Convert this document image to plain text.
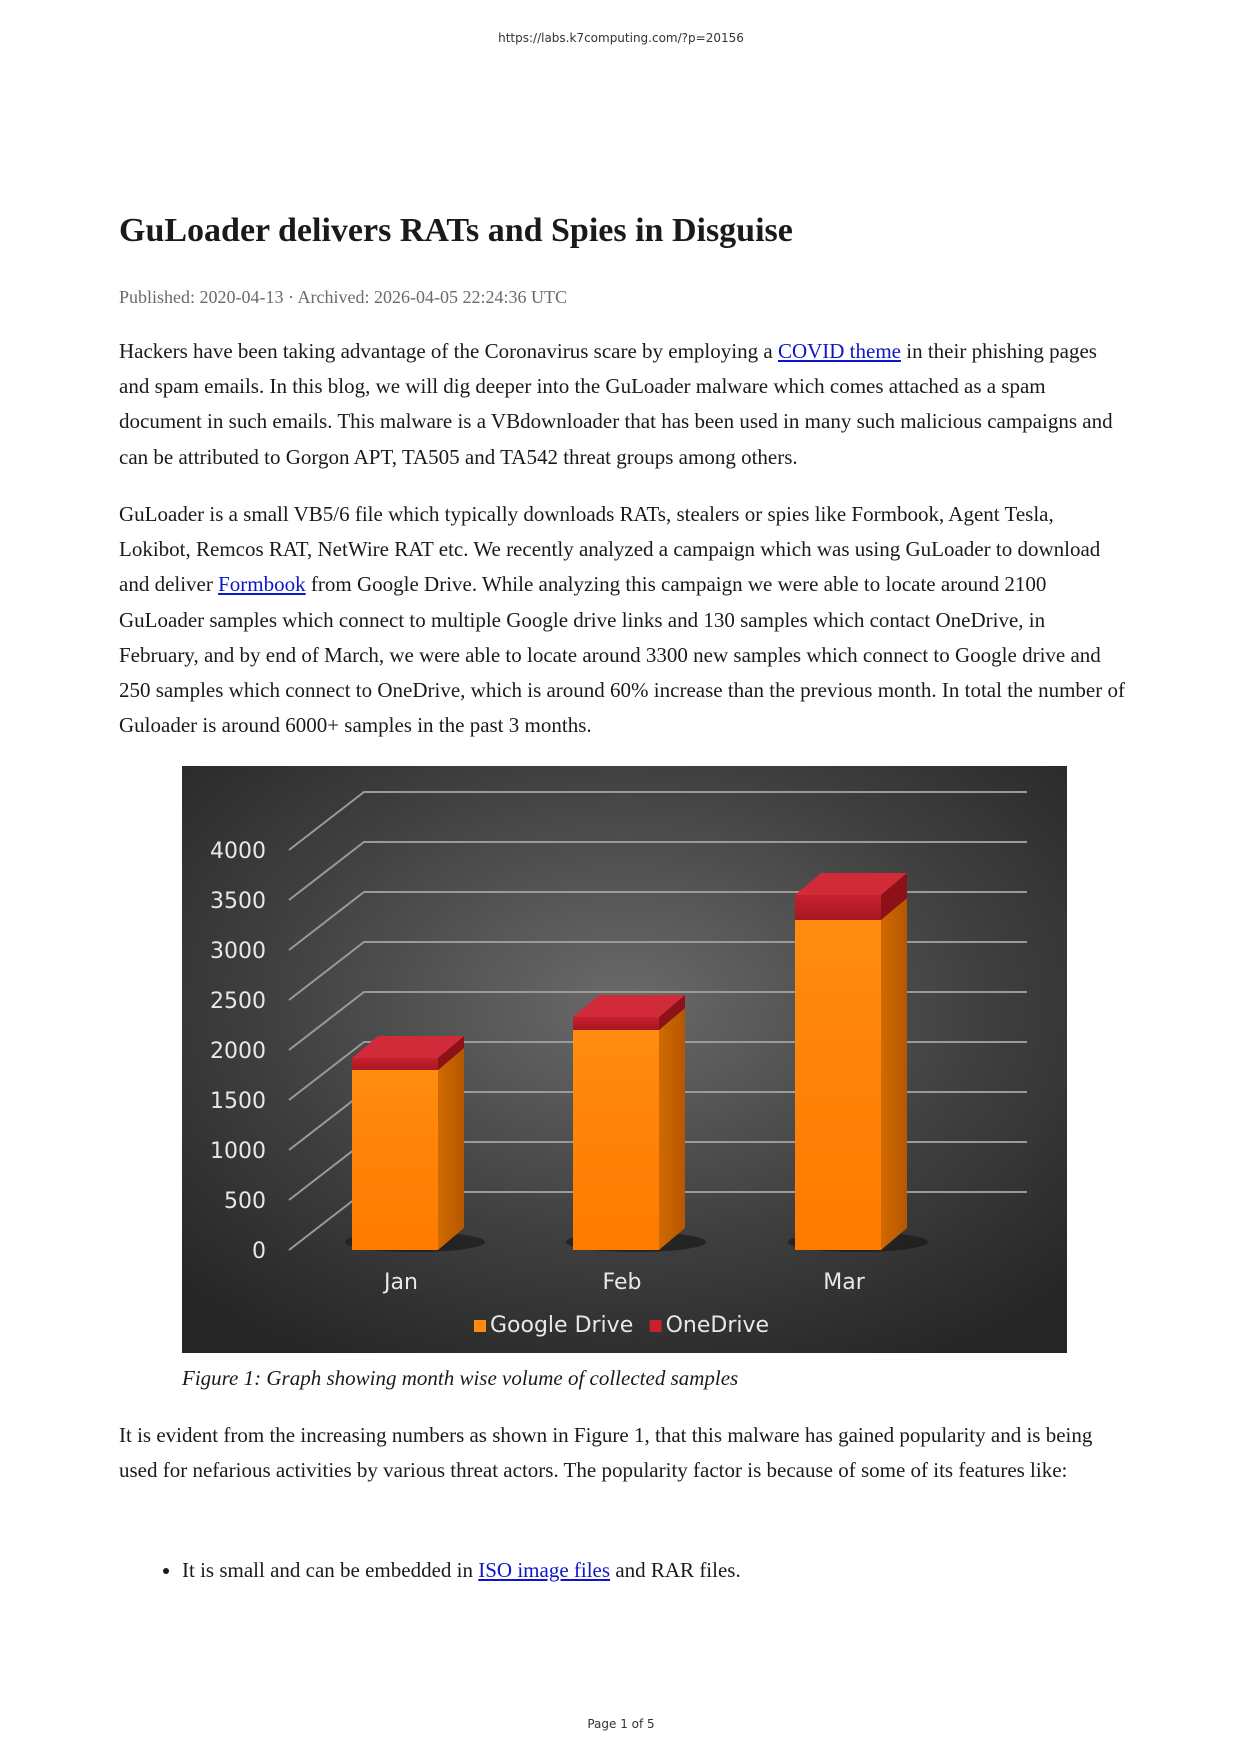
https://labs.k7computing.com/?p=20156
GuLoader delivers RATs and Spies in Disguise
Published: 2020-04-13 · Archived: 2026-04-05 22:24:36 UTC

Hackers have been taking advantage of the Coronavirus scare by employing a COVID theme in their phishing pages and spam emails. In this blog, we will dig deeper into the GuLoader malware which comes attached as a spam document in such emails. This malware is a VBdownloader that has been used in many such malicious campaigns and can be attributed to Gorgon APT, TA505 and TA542 threat groups among others.

GuLoader is a small VB5/6 file which typically downloads RATs, stealers or spies like Formbook, Agent Tesla, Lokibot, Remcos RAT, NetWire RAT etc. We recently analyzed a campaign which was using GuLoader to download and deliver Formbook from Google Drive. While analyzing this campaign we were able to locate around 2100 GuLoader samples which connect to multiple Google drive links and 130 samples which contact OneDrive, in February, and by end of March, we were able to locate around 3300 new samples which connect to Google drive and 250 samples which connect to OneDrive, which is around 60% increase than the previous month. In total the number of Guloader is around 6000+ samples in the past 3 months.

0
500
1000
1500
2000
2500
3000
3500
4000
Jan	Feb	Mar
Google Drive OneDrive
Figure 1: Graph showing month wise volume of collected samples

It is evident from the increasing numbers as shown in Figure 1, that this malware has gained popularity and is being used for nefarious activities by various threat actors. The popularity factor is because of some of its features like:

• It is small and can be embedded in ISO image files and RAR files.
Page 1 of 5
